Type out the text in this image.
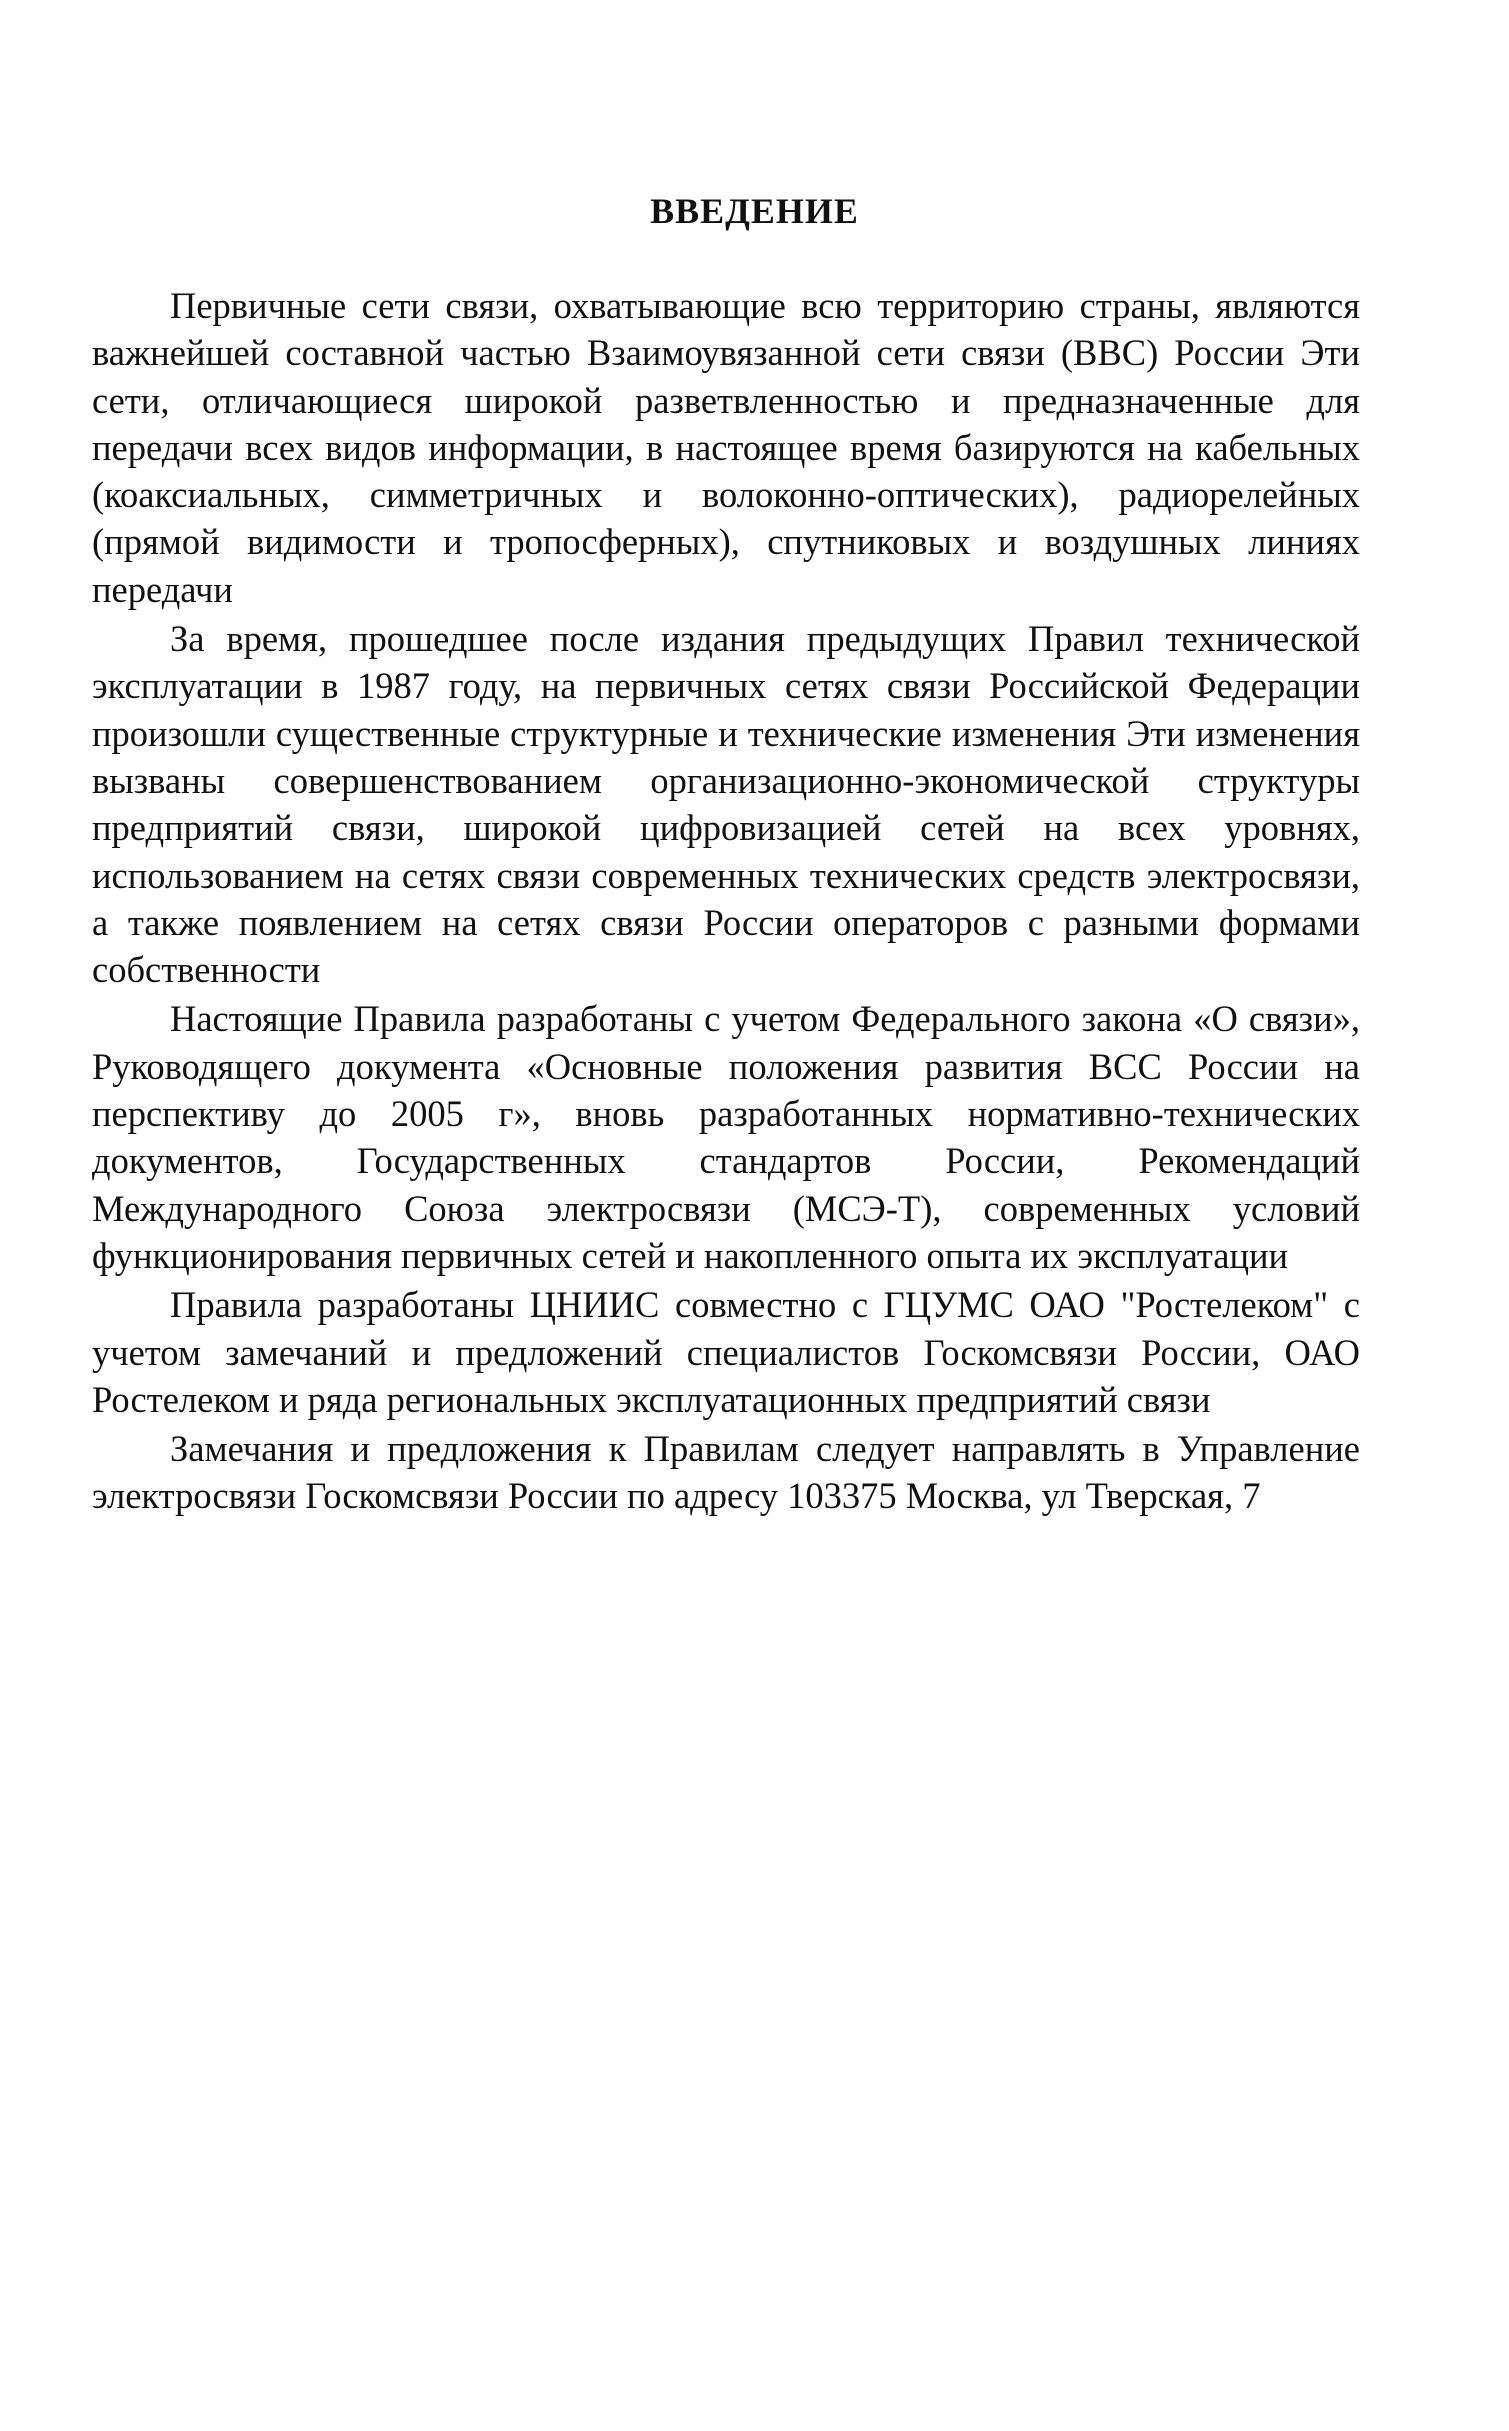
ВВЕДЕНИЕ

Первичные сети связи, охватывающие всю территорию страны, являются важнейшей составной частью Взаимоувязанной сети связи (ВВС) России Эти сети, отличающиеся широкой разветвленностью и предназначенные для передачи всех видов информации, в настоящее время базируются на кабельных (коаксиальных, симметричных и волоконно-оптических), радиорелейных (прямой видимости и тропосферных), спутниковых и воздушных линиях передачи

За время, прошедшее после издания предыдущих Правил технической эксплуатации в 1987 году, на первичных сетях связи Российской Федерации произошли существенные структурные и технические изменения Эти изменения вызваны совершенствованием организационно-экономической структуры предприятий связи, широкой цифровизацией сетей на всех уровнях, использованием на сетях связи современных технических средств электросвязи, а также появлением на сетях связи России операторов с разными формами собственности

Настоящие Правила разработаны с учетом Федерального закона «О связи», Руководящего документа «Основные положения развития ВСС России на перспективу до 2005 г», вновь разработанных нормативно-технических документов, Государственных стандартов России, Рекомендаций Международного Союза электросвязи (МСЭ-Т), современных условий функционирования первичных сетей и накопленного опыта их эксплуатации

Правила разработаны ЦНИИС совместно с ГЦУМС ОАО "Ростелеком" с учетом замечаний и предложений специалистов Госкомсвязи России, ОАО Ростелеком и ряда региональных эксплуатационных предприятий связи

Замечания и предложения к Правилам следует направлять в Управление электросвязи Госкомсвязи России по адресу 103375 Москва, ул Тверская, 7
